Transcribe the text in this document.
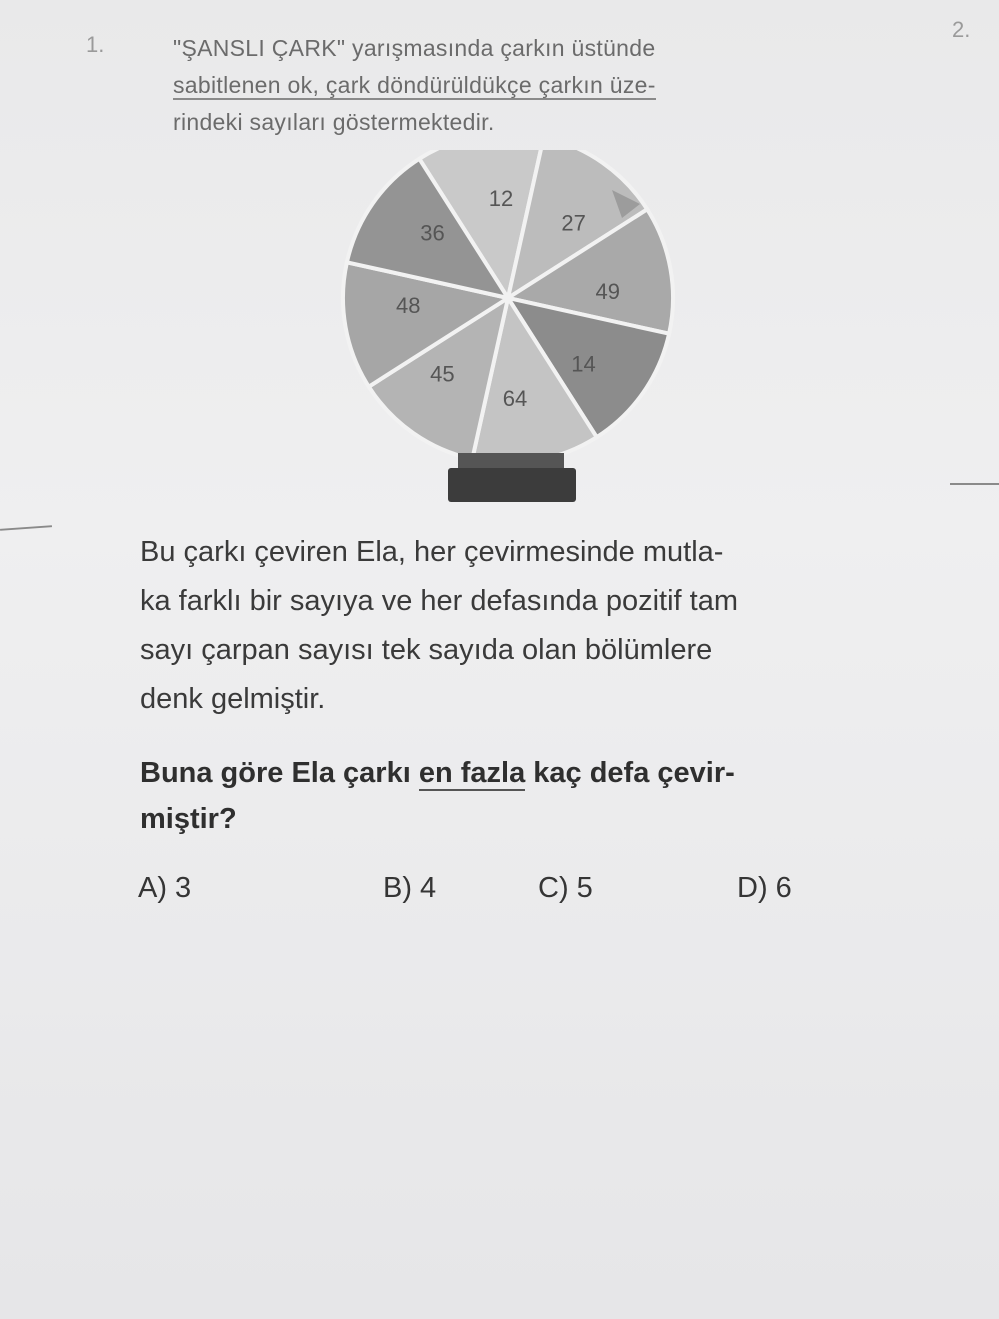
1.
2.

"ŞANSLI ÇARK" yarışmasında çarkın üstünde

sabitlenen ok, çark döndürüldükçe çarkın üze-

rindeki sayıları göstermektedir.

12
27
49
14
64
45
48
36

Bu çarkı çeviren Ela, her çevirmesinde mutla-

ka farklı bir sayıya ve her defasında pozitif tam

sayı çarpan sayısı tek sayıda olan bölümlere

denk gelmiştir.

Buna göre Ela çarkı en fazla kaç defa çevir-

miştir?

A) 3	B) 4	C) 5	D) 6
